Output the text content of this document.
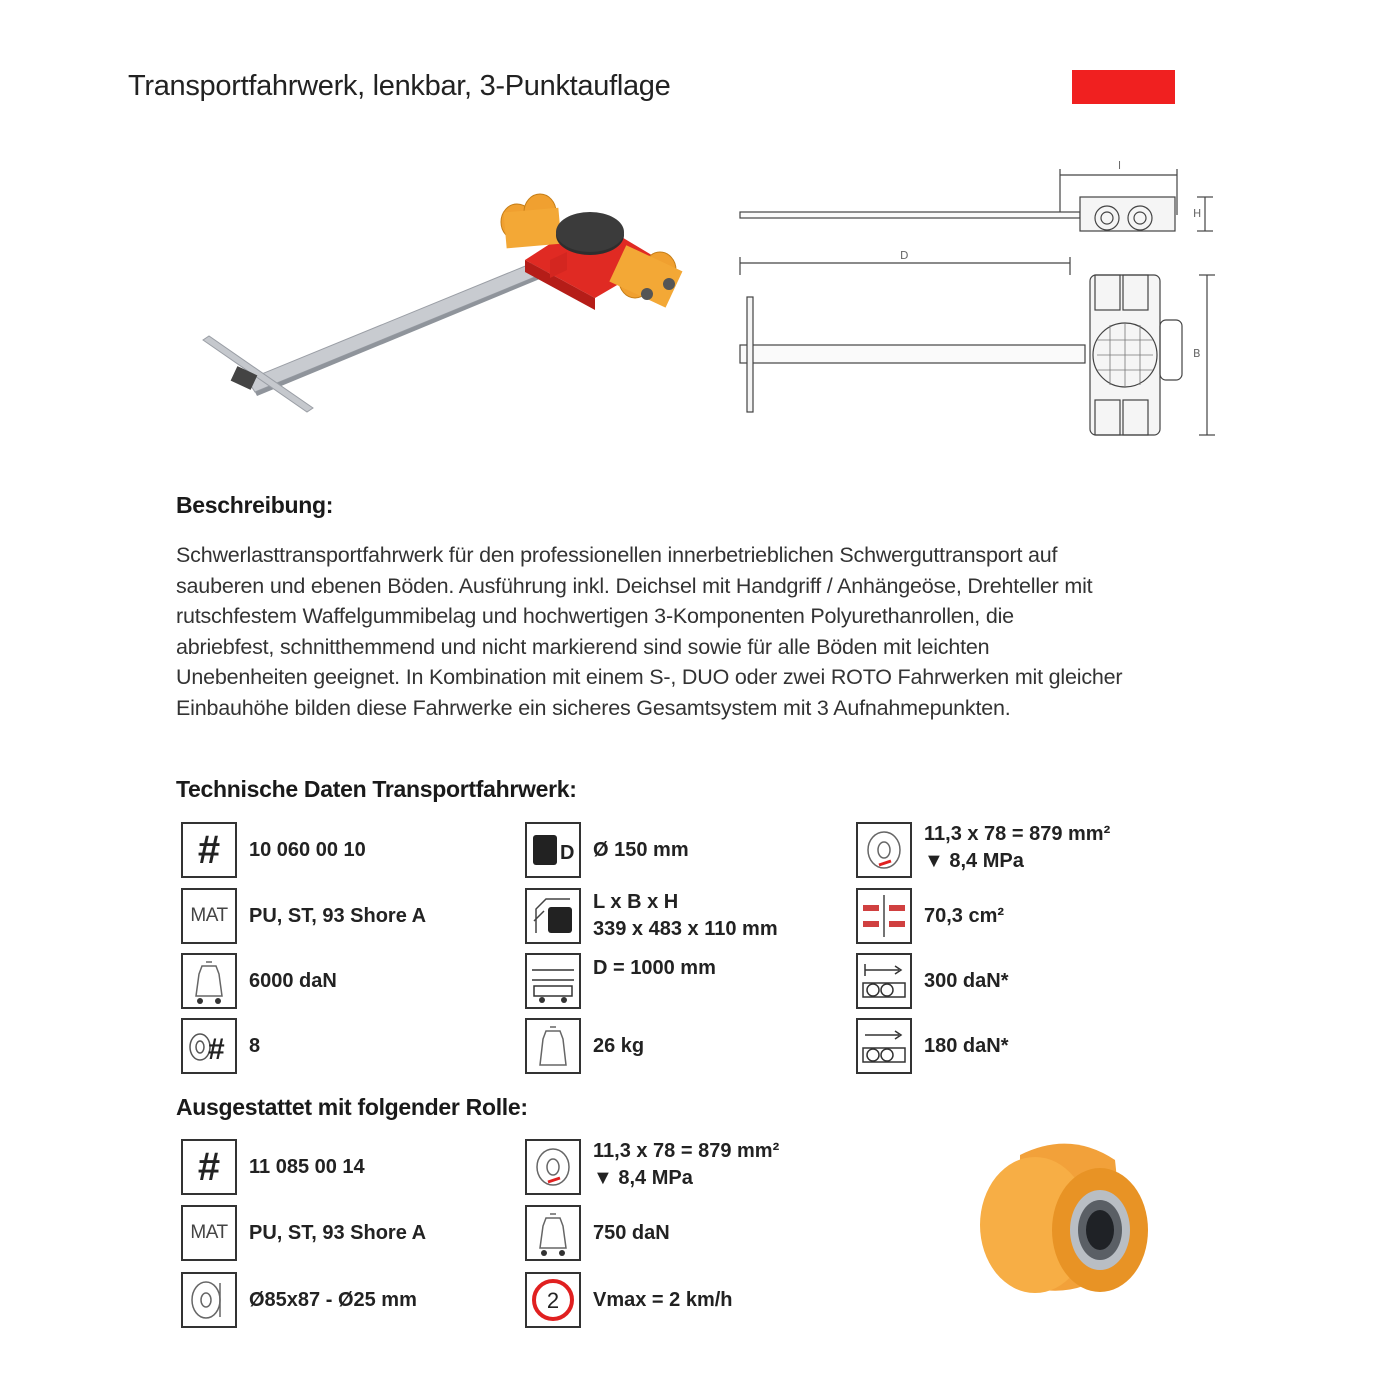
Transportfahrwerk, lenkbar, 3-Punktauflage
l
H
D
B
Beschreibung:
Schwerlasttransportfahrwerk für den professionellen innerbetrieblichen Schwerguttransport auf
sauberen und ebenen Böden. Ausführung inkl. Deichsel mit Handgriff / Anhängeöse, Drehteller mit
rutschfestem Waffelgummibelag und hochwertigen 3-Komponenten Polyurethanrollen, die
abriebfest, schnitthemmend und nicht markierend sind sowie für alle Böden mit leichten
Unebenheiten geeignet. In Kombination mit einem S-, DUO oder zwei ROTO Fahrwerken mit gleicher
Einbauhöhe bilden diese Fahrwerke ein sicheres Gesamtsystem mit 3 Aufnahmepunkten.
Technische Daten Transportfahrwerk:
# 10 060 00 10
MAT PU, ST, 93 Shore A
6000 daN
# 8
D Ø 150 mm
L x B x H
339 x 483 x 110 mm
D = 1000 mm
26 kg
11,3 x 78 = 879 mm²
▼ 8,4 MPa
70,3 cm²
300 daN*
180 daN*
Ausgestattet mit folgender Rolle:
# 11 085 00 14
MAT PU, ST, 93 Shore A
Ø85x87 - Ø25 mm
11,3 x 78 = 879 mm²
▼ 8,4 MPa
750 daN
2 Vmax = 2 km/h
